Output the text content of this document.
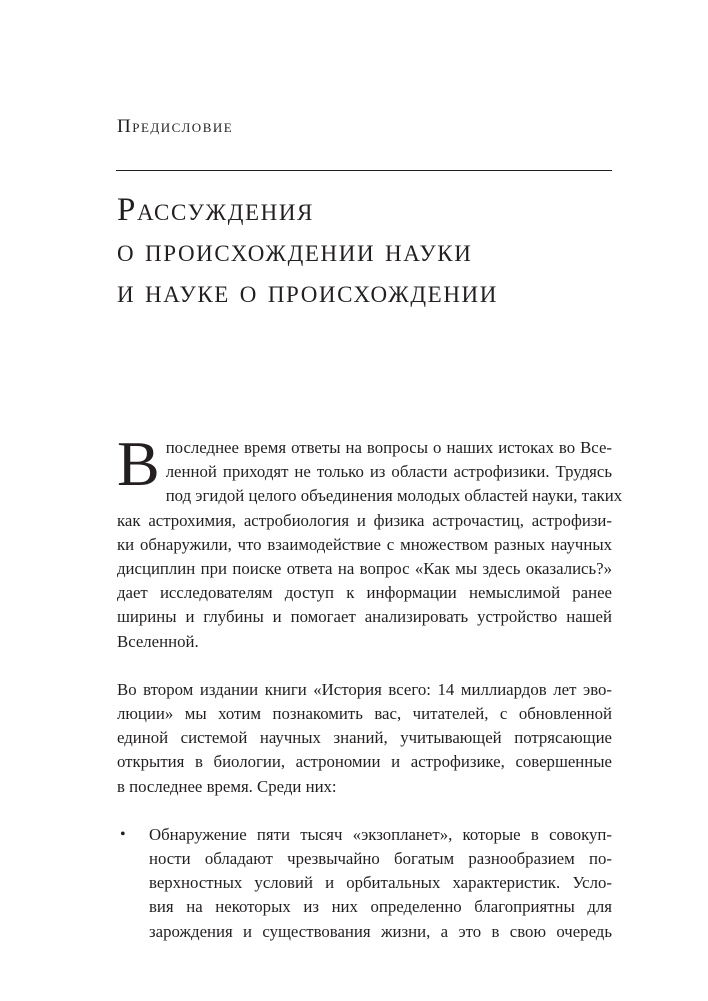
Предисловие
Рассуждения
о происхождении науки
и науке о происхождении
В последнее время ответы на вопросы о наших истоках во Все-
ленной приходят не только из области астрофизики. Трудясь
под эгидой целого объединения молодых областей науки, таких
как астрохимия, астробиология и физика астрочастиц, астрофизи-
ки обнаружили, что взаимодействие с множеством разных научных
дисциплин при поиске ответа на вопрос «Как мы здесь оказались?»
дает исследователям доступ к информации немыслимой ранее
ширины и глубины и помогает анализировать устройство нашей
Вселенной.
Во втором издании книги «История всего: 14 миллиардов лет эво-
люции» мы хотим познакомить вас, читателей, с обновленной
единой системой научных знаний, учитывающей потрясающие
открытия в биологии, астрономии и астрофизике, совершенные
в последнее время. Среди них:
• Обнаружение пяти тысяч «экзопланет», которые в совокуп-
ности обладают чрезвычайно богатым разнообразием по-
верхностных условий и орбитальных характеристик. Усло-
вия на некоторых из них определенно благоприятны для
зарождения и существования жизни, а это в свою очередь
